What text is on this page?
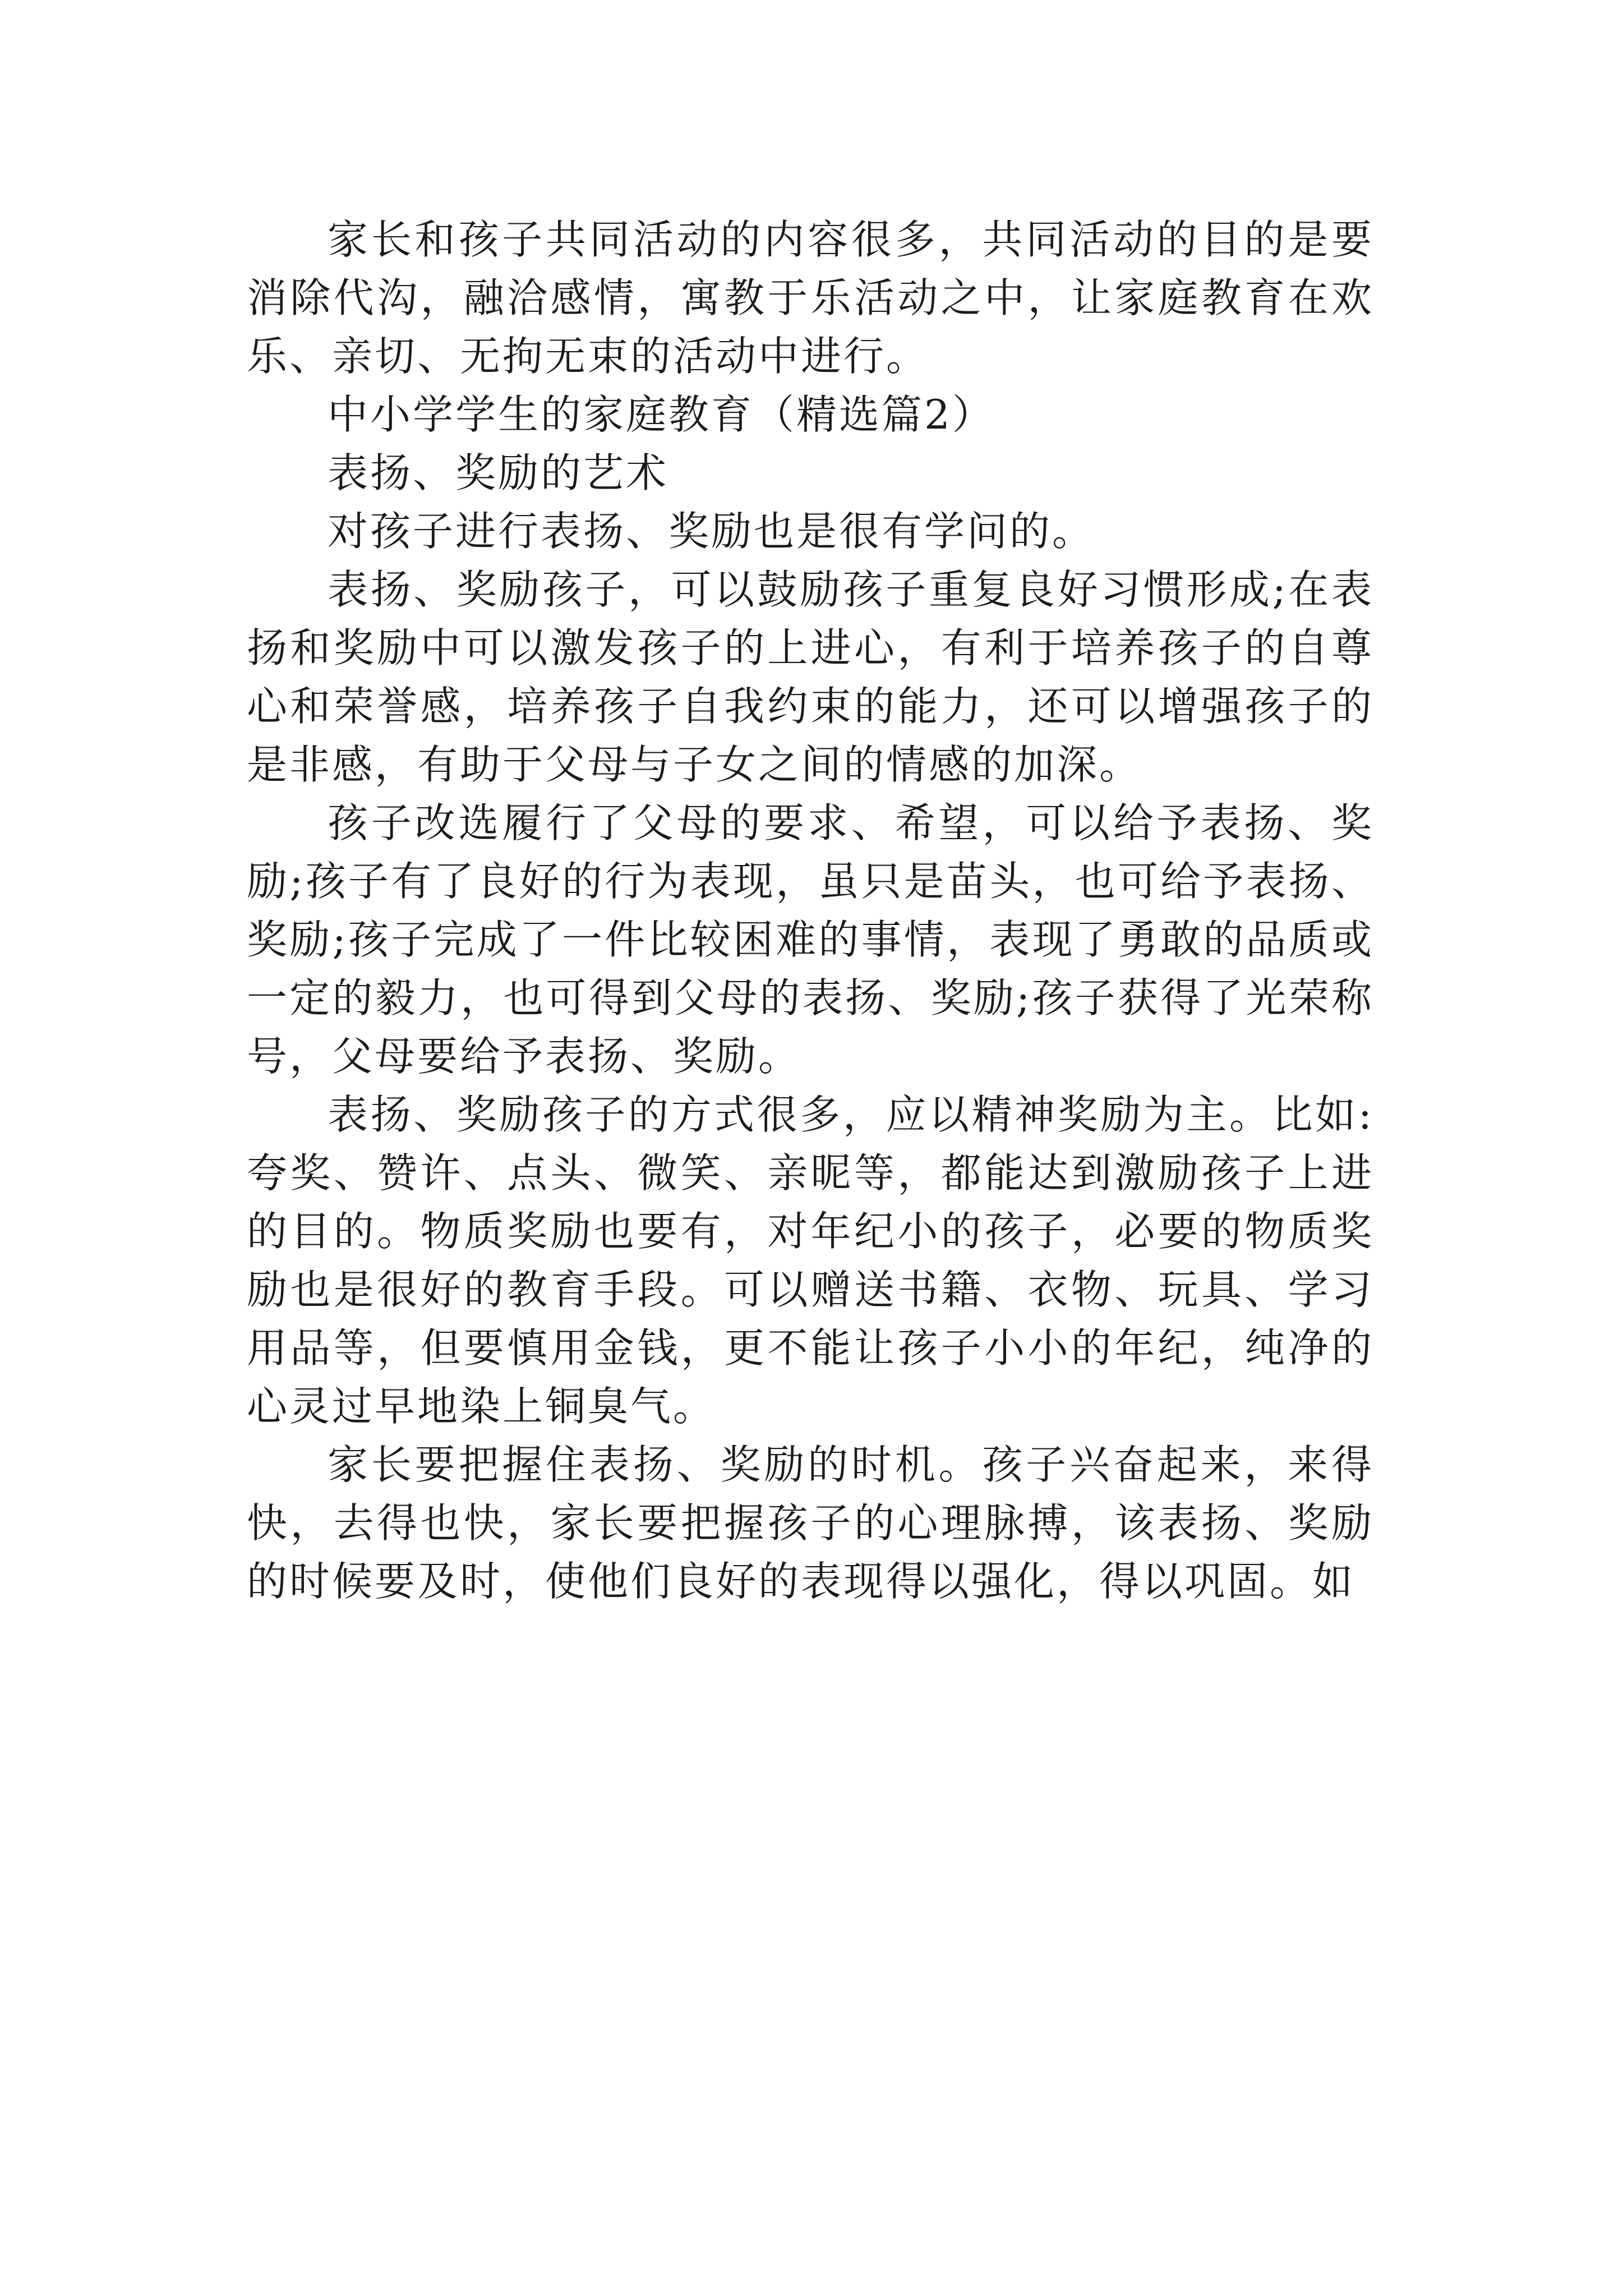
家长和孩子共同活动的内容很多，共同活动的目的是要消除代沟，融洽感情，寓教于乐活动之中，让家庭教育在欢乐、亲切、无拘无束的活动中进行。

中小学学生的家庭教育（精选篇2）

表扬、奖励的艺术

对孩子进行表扬、奖励也是很有学问的。

表扬、奖励孩子，可以鼓励孩子重复良好习惯形成;在表扬和奖励中可以激发孩子的上进心，有利于培养孩子的自尊心和荣誉感，培养孩子自我约束的能力，还可以增强孩子的是非感，有助于父母与子女之间的情感的加深。

孩子改选履行了父母的要求、希望，可以给予表扬、奖励;孩子有了良好的行为表现，虽只是苗头，也可给予表扬、奖励;孩子完成了一件比较困难的事情，表现了勇敢的品质或一定的毅力，也可得到父母的表扬、奖励;孩子获得了光荣称号，父母要给予表扬、奖励。

表扬、奖励孩子的方式很多，应以精神奖励为主。比如:夸奖、赞许、点头、微笑、亲昵等，都能达到激励孩子上进的目的。物质奖励也要有，对年纪小的孩子，必要的物质奖励也是很好的教育手段。可以赠送书籍、衣物、玩具、学习用品等，但要慎用金钱，更不能让孩子小小的年纪，纯净的心灵过早地染上铜臭气。

家长要把握住表扬、奖励的时机。孩子兴奋起来，来得快，去得也快，家长要把握孩子的心理脉搏，该表扬、奖励的时候要及时，使他们良好的表现得以强化，得以巩固。如
